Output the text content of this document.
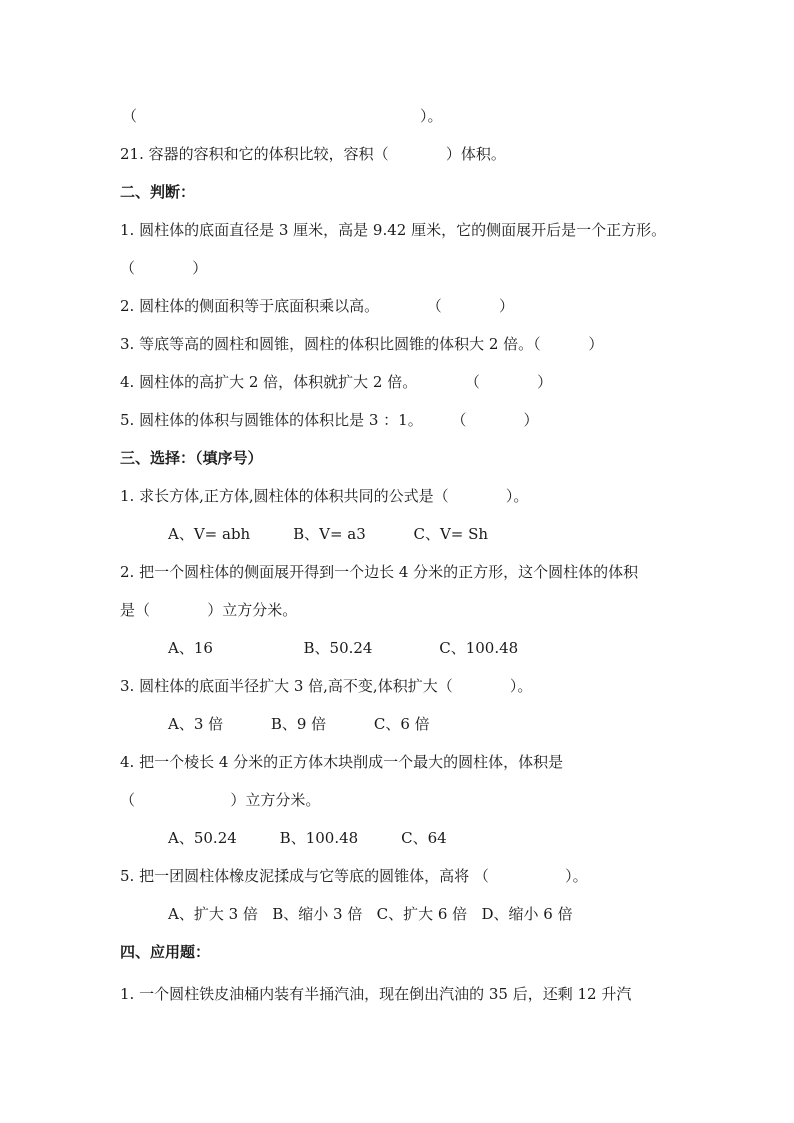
（	）。
21. 容器的容积和它的体积比较，容积（            ）体积。
二、判断：
1. 圆柱体的底面直径是 3 厘米，高是 9.42 厘米，它的侧面展开后是一个正方形。
（            ）
2. 圆柱体的侧面积等于底面积乘以高。          （            ）
3. 等底等高的圆柱和圆锥，圆柱的体积比圆锥的体积大 2 倍。（          ）
4. 圆柱体的高扩大 2 倍，体积就扩大 2 倍。          （            ）
5. 圆柱体的体积与圆锥体的体积比是 3 ：1。      （            ）
三、选择：（填序号）
1. 求长方体,正方体,圆柱体的体积共同的公式是（            ）。
A、V= abh         B、V= a3          C、V= Sh
2. 把一个圆柱体的侧面展开得到一个边长 4 分米的正方形，这个圆柱体的体积
是（            ）立方分米。
A、16                   B、50.24              C、100.48
3. 圆柱体的底面半径扩大 3 倍,高不变,体积扩大（            ）。
A、3 倍          B、9 倍          C、6 倍
4. 把一个棱长 4 分米的正方体木块削成一个最大的圆柱体，体积是
（                    ）立方分米。
A、50.24         B、100.48         C、64
5. 把一团圆柱体橡皮泥揉成与它等底的圆锥体，高将 （                ）。
A、扩大 3 倍   B、缩小 3 倍   C、扩大 6 倍   D、缩小 6 倍
四、应用题：
1. 一个圆柱铁皮油桶内装有半捅汽油，现在倒出汽油的 35 后，还剩 12 升汽
